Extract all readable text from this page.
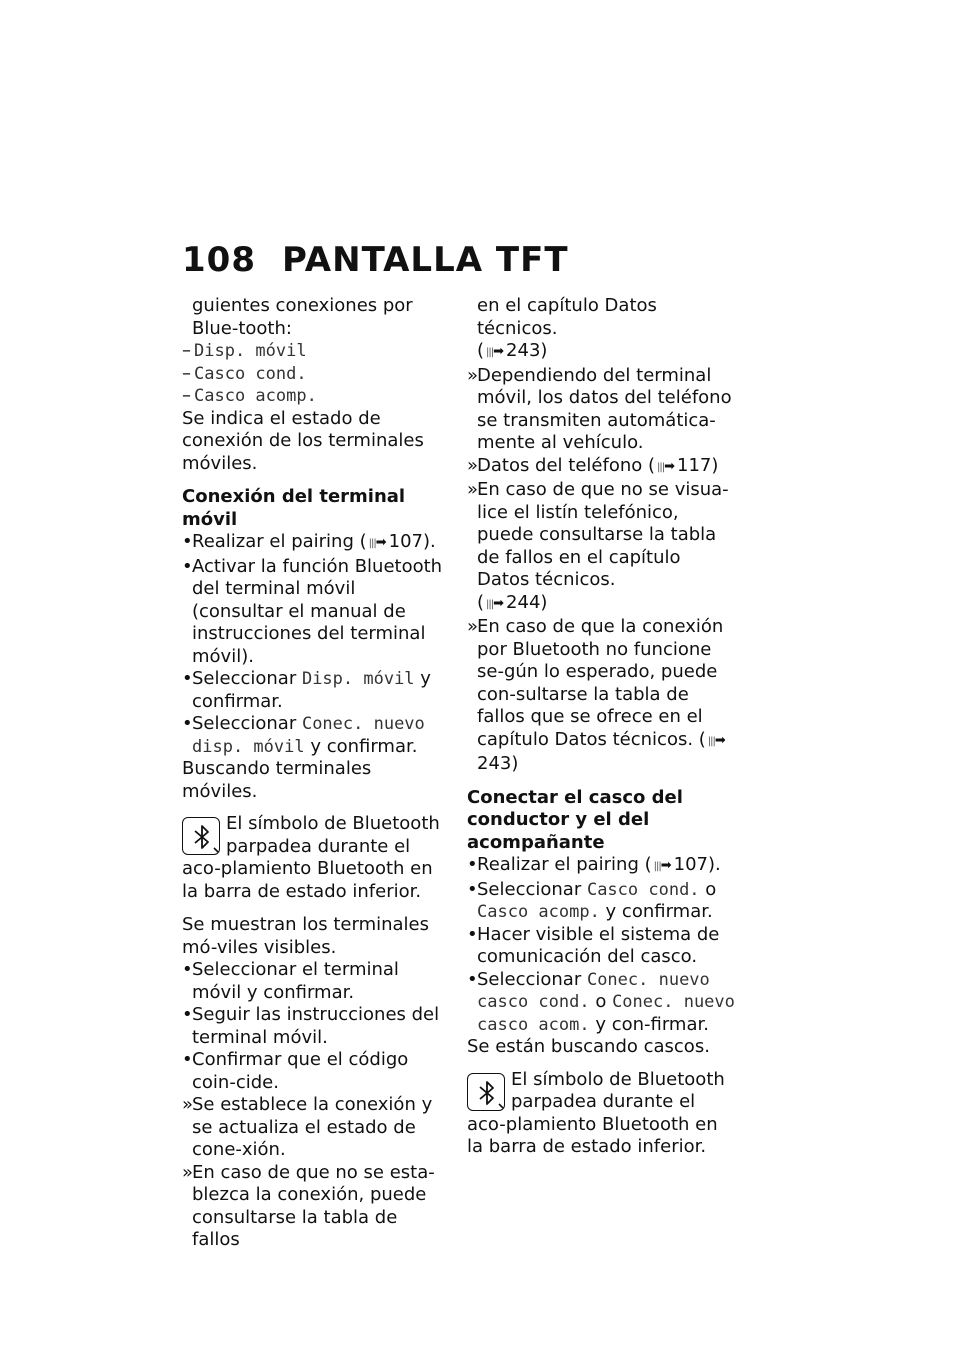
108 PANTALLA TFT

guientes conexiones por Blue-tooth:

– Disp. móvil

– Casco cond.

– Casco acomp.

Se indica el estado de conexión de los terminales móviles.

Conexión del terminal móvil

• Realizar el pairing ( |||➡ 107).

• Activar la función Bluetooth del terminal móvil (consultar el manual de instrucciones del terminal móvil).

• Seleccionar Disp. móvil y confirmar.

• Seleccionar Conec. nuevo disp. móvil y confirmar.

Buscando terminales móviles.

El símbolo de Bluetooth
parpadea durante el aco-plamiento Bluetooth en la barra de estado inferior.

Se muestran los terminales mó-viles visibles.

• Seleccionar el terminal móvil y confirmar.

• Seguir las instrucciones del terminal móvil.

• Confirmar que el código coin-cide.

»
Se establece la conexión y se actualiza el estado de cone-xión.

»
En caso de que no se esta-blezca la conexión, puede consultarse la tabla de fallos

en el capítulo Datos técnicos.
( |||➡ 243)

»
Dependiendo del terminal móvil, los datos del teléfono se transmiten automática-mente al vehículo.

»
Datos del teléfono ( |||➡ 117)

»
En caso de que no se visua-lice el listín telefónico, puede consultarse la tabla de fallos en el capítulo Datos técnicos.
( |||➡ 244)

»
En caso de que la conexión por Bluetooth no funcione se-gún lo esperado, puede con-sultarse la tabla de fallos que se ofrece en el capítulo Datos técnicos. ( |||➡243)

Conectar el casco del conductor y el del acompañante

• Realizar el pairing ( |||➡ 107).

• Seleccionar Casco cond. o Casco acomp. y confirmar.

• Hacer visible el sistema de comunicación del casco.

• Seleccionar Conec. nuevo casco cond. o Conec. nuevo casco acom. y con-firmar.

Se están buscando cascos.

El símbolo de Bluetooth
parpadea durante el aco-plamiento Bluetooth en la barra de estado inferior.
